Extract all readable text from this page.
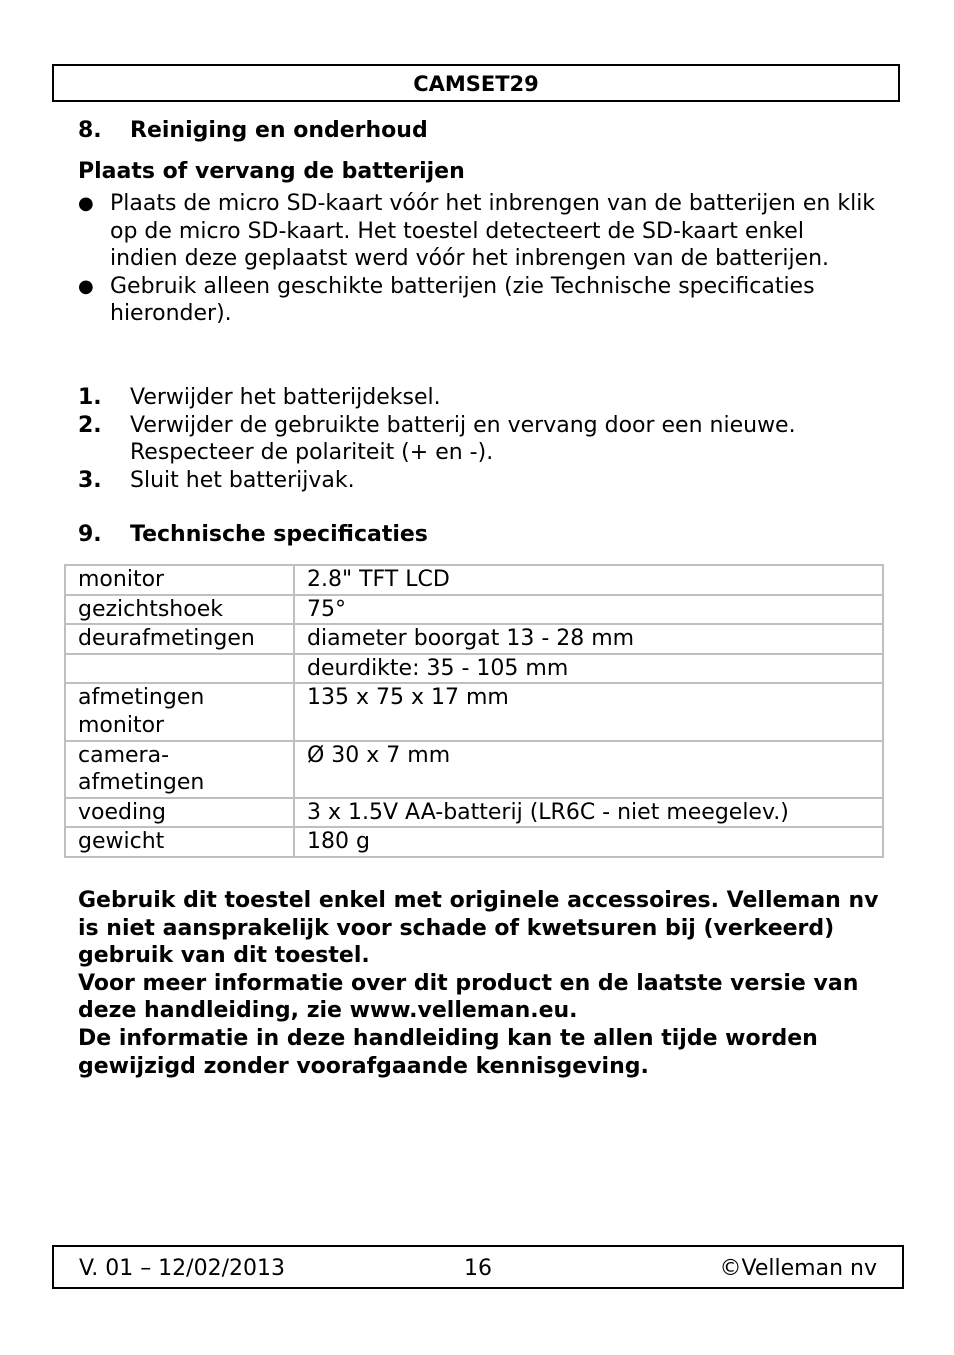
CAMSET29
8. Reiniging en onderhoud
Plaats of vervang de batterijen
● Plaats de micro SD-kaart vóór het inbrengen van de batterijen en klik op de micro SD-kaart. Het toestel detecteert de SD-kaart enkel indien deze geplaatst werd vóór het inbrengen van de batterijen.
● Gebruik alleen geschikte batterijen (zie Technische specificaties hieronder).
1. Verwijder het batterijdeksel.
2. Verwijder de gebruikte batterij en vervang door een nieuwe. Respecteer de polariteit (+ en -).
3. Sluit het batterijvak.
9. Technische specificaties
monitor	2.8" TFT LCD
gezichtshoek	75°
deurafmetingen	diameter boorgat 13 - 28 mm
	deurdikte: 35 - 105 mm
afmetingen monitor	135 x 75 x 17 mm
camera-afmetingen	Ø 30 x 7 mm
voeding	3 x 1.5V AA-batterij (LR6C - niet meegelev.)
gewicht	180 g

Gebruik dit toestel enkel met originele accessoires. Velleman nv is niet aansprakelijk voor schade of kwetsuren bij (verkeerd) gebruik van dit toestel.

Voor meer informatie over dit product en de laatste versie van deze handleiding, zie www.velleman.eu.

De informatie in deze handleiding kan te allen tijde worden gewijzigd zonder voorafgaande kennisgeving.

V. 01 – 12/02/2013	16	©Velleman nv
